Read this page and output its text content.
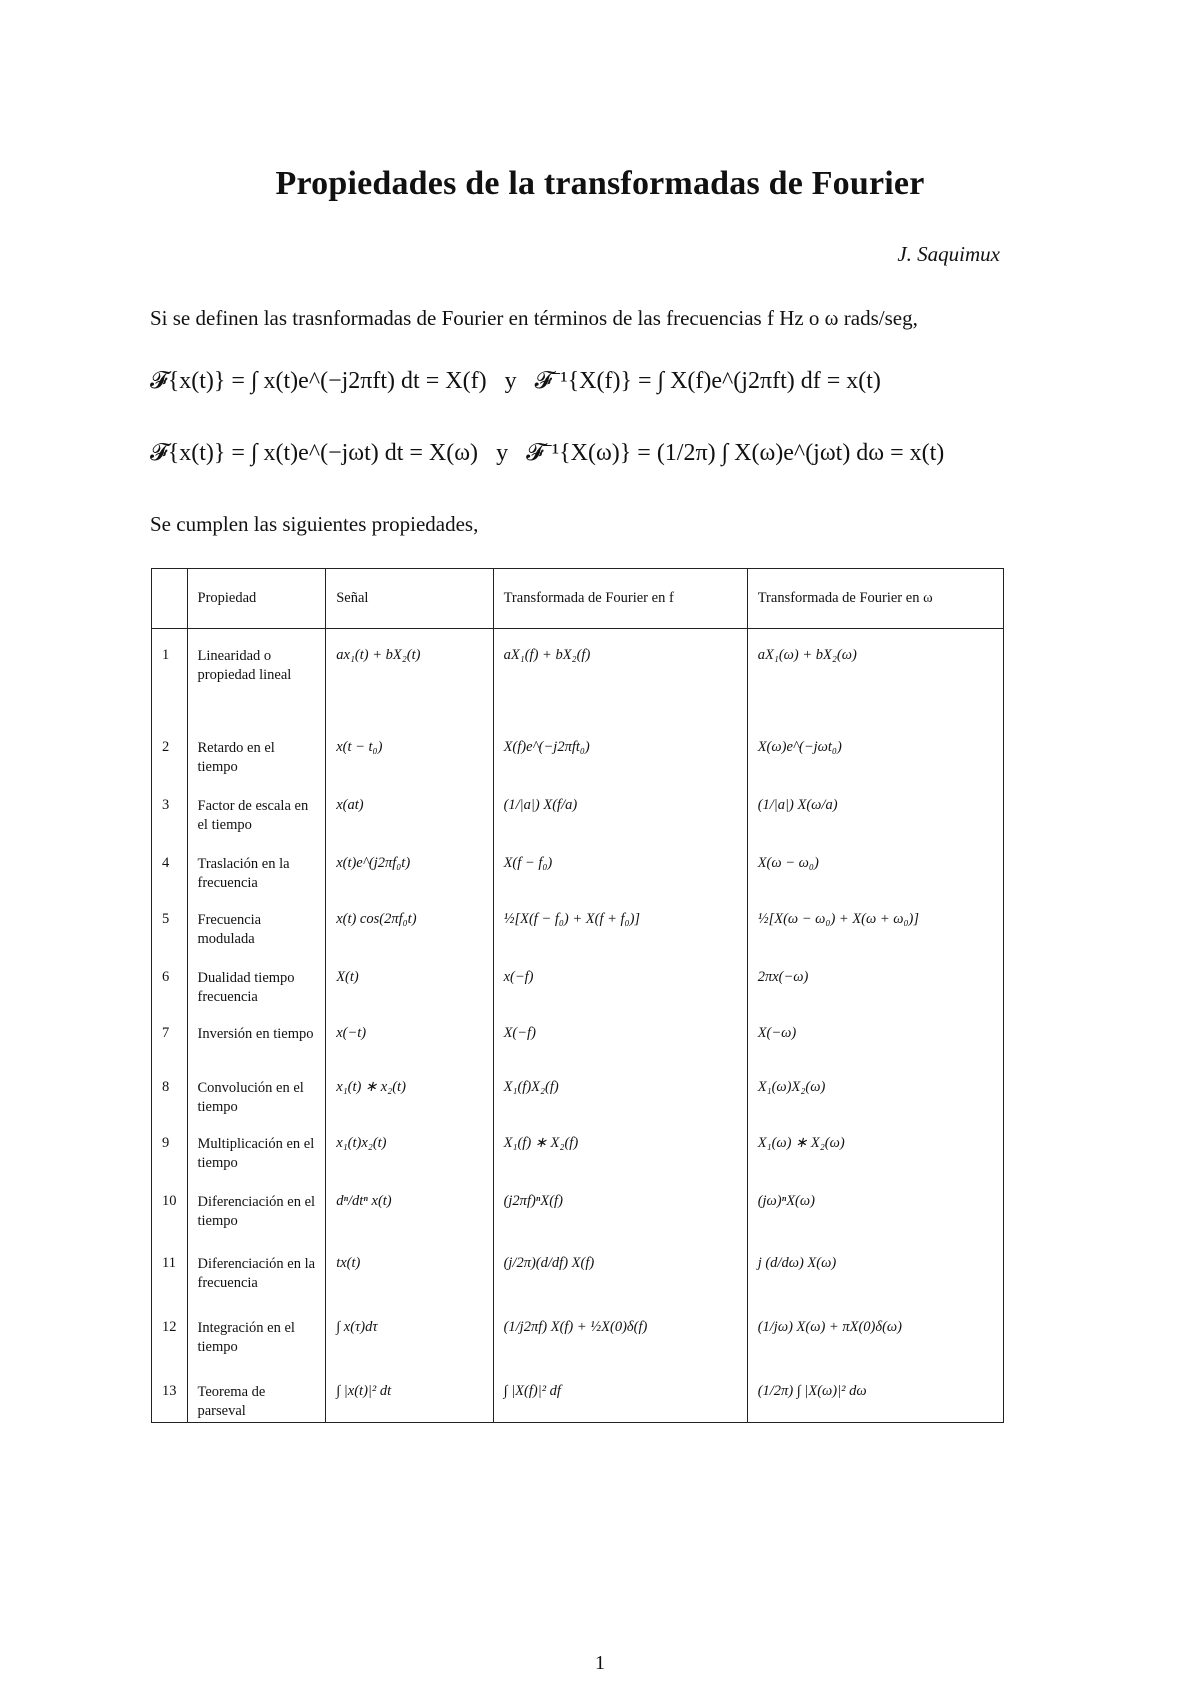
Propiedades de la transformadas de Fourier
J. Saquimux
Si se definen las trasnformadas de Fourier en términos de las frecuencias f Hz o ω rads/seg,
𝓕{x(t)} = ∫ x(t)e^(−j2πft) dt = X(f) y 𝓕⁻¹{X(f)} = ∫ X(f)e^(j2πft) df = x(t)
𝓕{x(t)} = ∫ x(t)e^(−jωt) dt = X(ω) y 𝓕⁻¹{X(ω)} = (1/2π) ∫ X(ω)e^(jωt) dω = x(t)
Se cumplen las siguientes propiedades,
	Propiedad	Señal	Transformada de Fourier en f	Transformada de Fourier en ω
1	Linearidad o propiedad lineal	ax₁(t) + bX₂(t)	aX₁(f) + bX₂(f)	aX₁(ω) + bX₂(ω)
2	Retardo en el tiempo	x(t − t₀)	X(f)e^(−j2πft₀)	X(ω)e^(−jωt₀)
3	Factor de escala en el tiempo	x(at)	(1/|a|) X(f/a)	(1/|a|) X(ω/a)
4	Traslación en la frecuencia	x(t)e^(j2πf₀t)	X(f − f₀)	X(ω − ω₀)
5	Frecuencia modulada	x(t) cos(2πf₀t)	½[X(f − f₀) + X(f + f₀)]	½[X(ω − ω₀) + X(ω + ω₀)]
6	Dualidad tiempo frecuencia	X(t)	x(−f)	2πx(−ω)
7	Inversión en tiempo	x(−t)	X(−f)	X(−ω)
8	Convolución en el tiempo	x₁(t) ∗ x₂(t)	X₁(f)X₂(f)	X₁(ω)X₂(ω)
9	Multiplicación en el tiempo	x₁(t)x₂(t)	X₁(f) ∗ X₂(f)	X₁(ω) ∗ X₂(ω)
10	Diferenciación en el tiempo	dⁿ/dtⁿ x(t)	(j2πf)ⁿX(f)	(jω)ⁿX(ω)
11	Diferenciación en la frecuencia	tx(t)	(j/2π)(d/df) X(f)	j (d/dω) X(ω)
12	Integración en el tiempo	∫ x(τ)dτ	(1/j2πf) X(f) + ½X(0)δ(f)	(1/jω) X(ω) + πX(0)δ(ω)
13	Teorema de parseval	∫ |x(t)|² dt	∫ |X(f)|² df	(1/2π) ∫ |X(ω)|² dω
1
